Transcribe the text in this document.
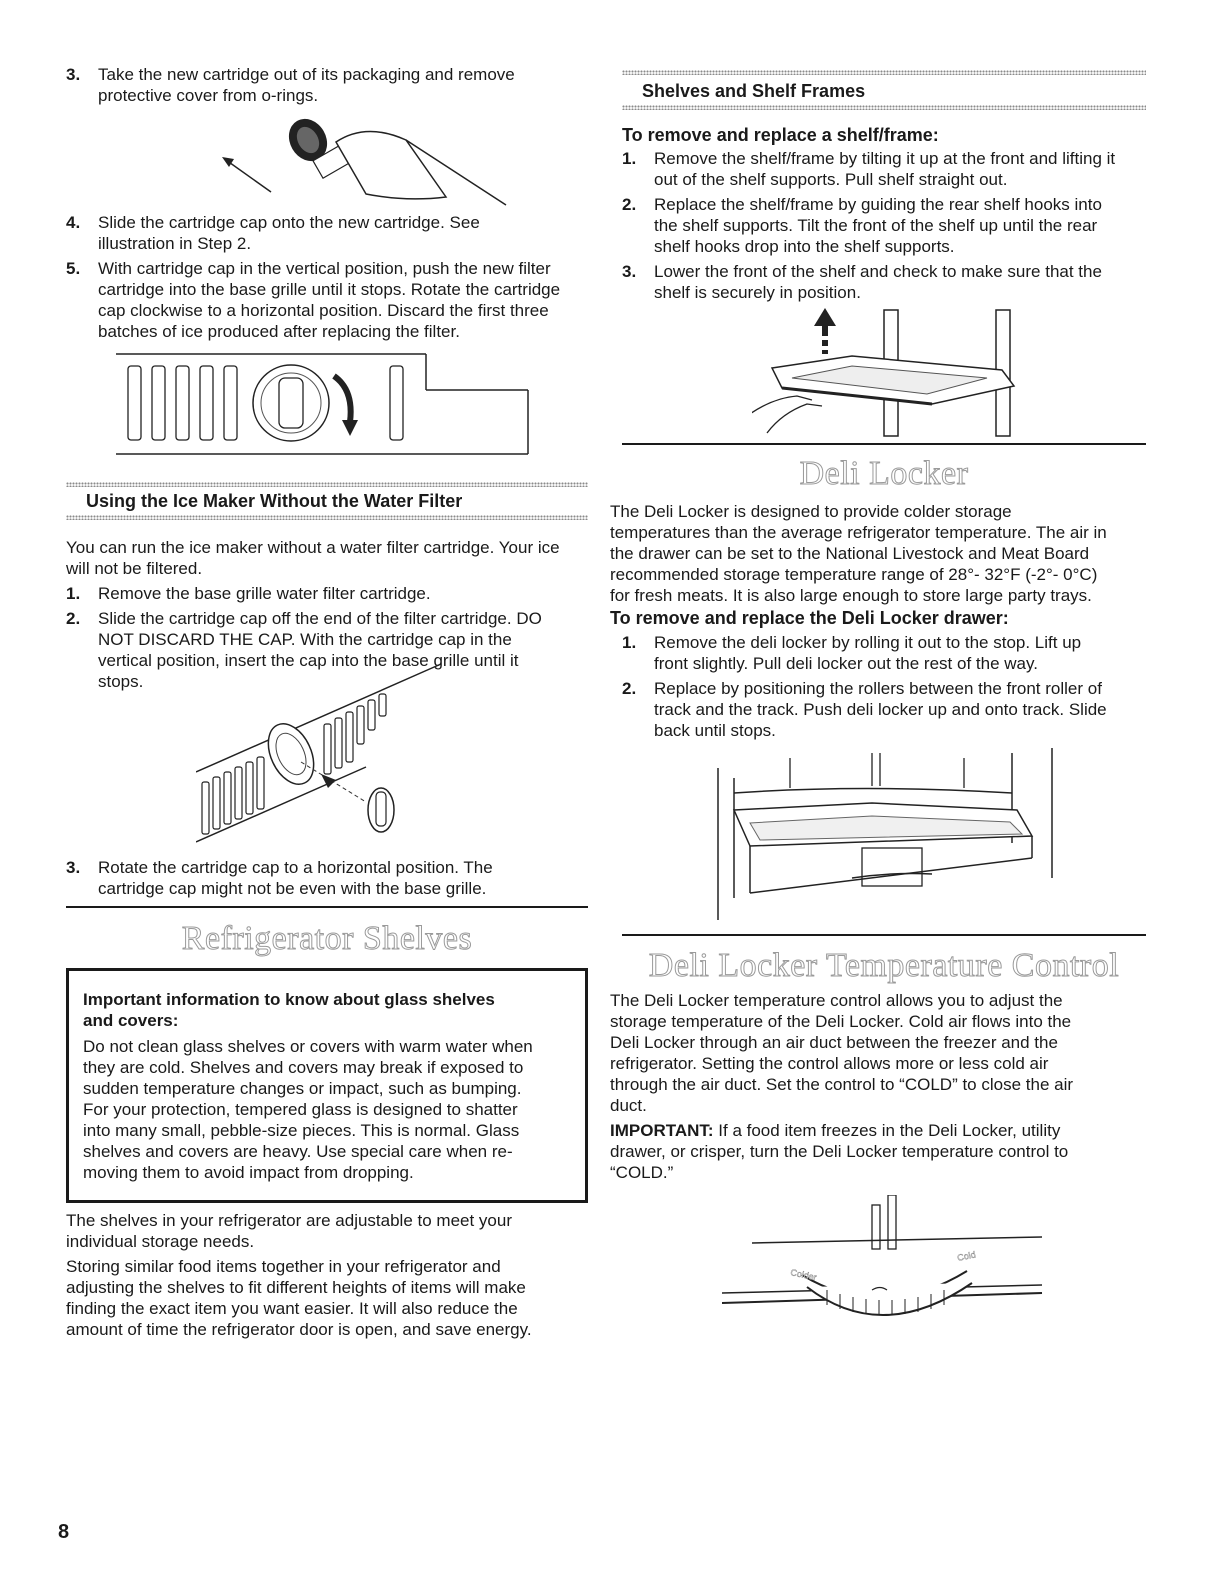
3. Take the new cartridge out of its packaging and remove
protective cover from o-rings.
4. Slide the cartridge cap onto the new cartridge. See
illustration in Step 2.
5. With cartridge cap in the vertical position, push the new filter
cartridge into the base grille until it stops. Rotate the cartridge
cap clockwise to a horizontal position. Discard the first three
batches of ice produced after replacing the filter.
Using the Ice Maker Without the Water Filter
You can run the ice maker without a water filter cartridge. Your ice
will not be filtered.
1. Remove the base grille water filter cartridge.
2. Slide the cartridge cap off the end of the filter cartridge. DO
NOT DISCARD THE CAP. With the cartridge cap in the
vertical position, insert the cap into the base grille until it
stops.
3. Rotate the cartridge cap to a horizontal position. The
cartridge cap might not be even with the base grille.
Refrigerator Shelves
Important information to know about glass shelves
and covers:
Do not clean glass shelves or covers with warm water when
they are cold. Shelves and covers may break if exposed to
sudden temperature changes or impact, such as bumping.
For your protection, tempered glass is designed to shatter
into many small, pebble-size pieces. This is normal. Glass
shelves and covers are heavy. Use special care when re-
moving them to avoid impact from dropping.
The shelves in your refrigerator are adjustable to meet your
individual storage needs.
Storing similar food items together in your refrigerator and
adjusting the shelves to fit different heights of items will make
finding the exact item you want easier. It will also reduce the
amount of time the refrigerator door is open, and save energy.
Shelves and Shelf Frames
To remove and replace a shelf/frame:
1. Remove the shelf/frame by tilting it up at the front and lifting it
out of the shelf supports. Pull shelf straight out.
2. Replace the shelf/frame by guiding the rear shelf hooks into
the shelf supports. Tilt the front of the shelf up until the rear
shelf hooks drop into the shelf supports.
3. Lower the front of the shelf and check to make sure that the
shelf is securely in position.
Deli Locker
The Deli Locker is designed to provide colder storage
temperatures than the average refrigerator temperature. The air in
the drawer can be set to the National Livestock and Meat Board
recommended storage temperature range of 28°- 32°F (-2°- 0°C)
for fresh meats. It is also large enough to store large party trays.
To remove and replace the Deli Locker drawer:
1. Remove the deli locker by rolling it out to the stop. Lift up
front slightly. Pull deli locker out the rest of the way.
2. Replace by positioning the rollers between the front roller of
track and the track. Push deli locker up and onto track. Slide
back until stops.
Deli Locker Temperature Control
The Deli Locker temperature control allows you to adjust the
storage temperature of the Deli Locker. Cold air flows into the
Deli Locker through an air duct between the freezer and the
refrigerator. Setting the control allows more or less cold air
through the air duct. Set the control to “COLD” to close the air
duct.
IMPORTANT: If a food item freezes in the Deli Locker, utility
drawer, or crisper, turn the Deli Locker temperature control to
“COLD.”
Colder
Cold
8
